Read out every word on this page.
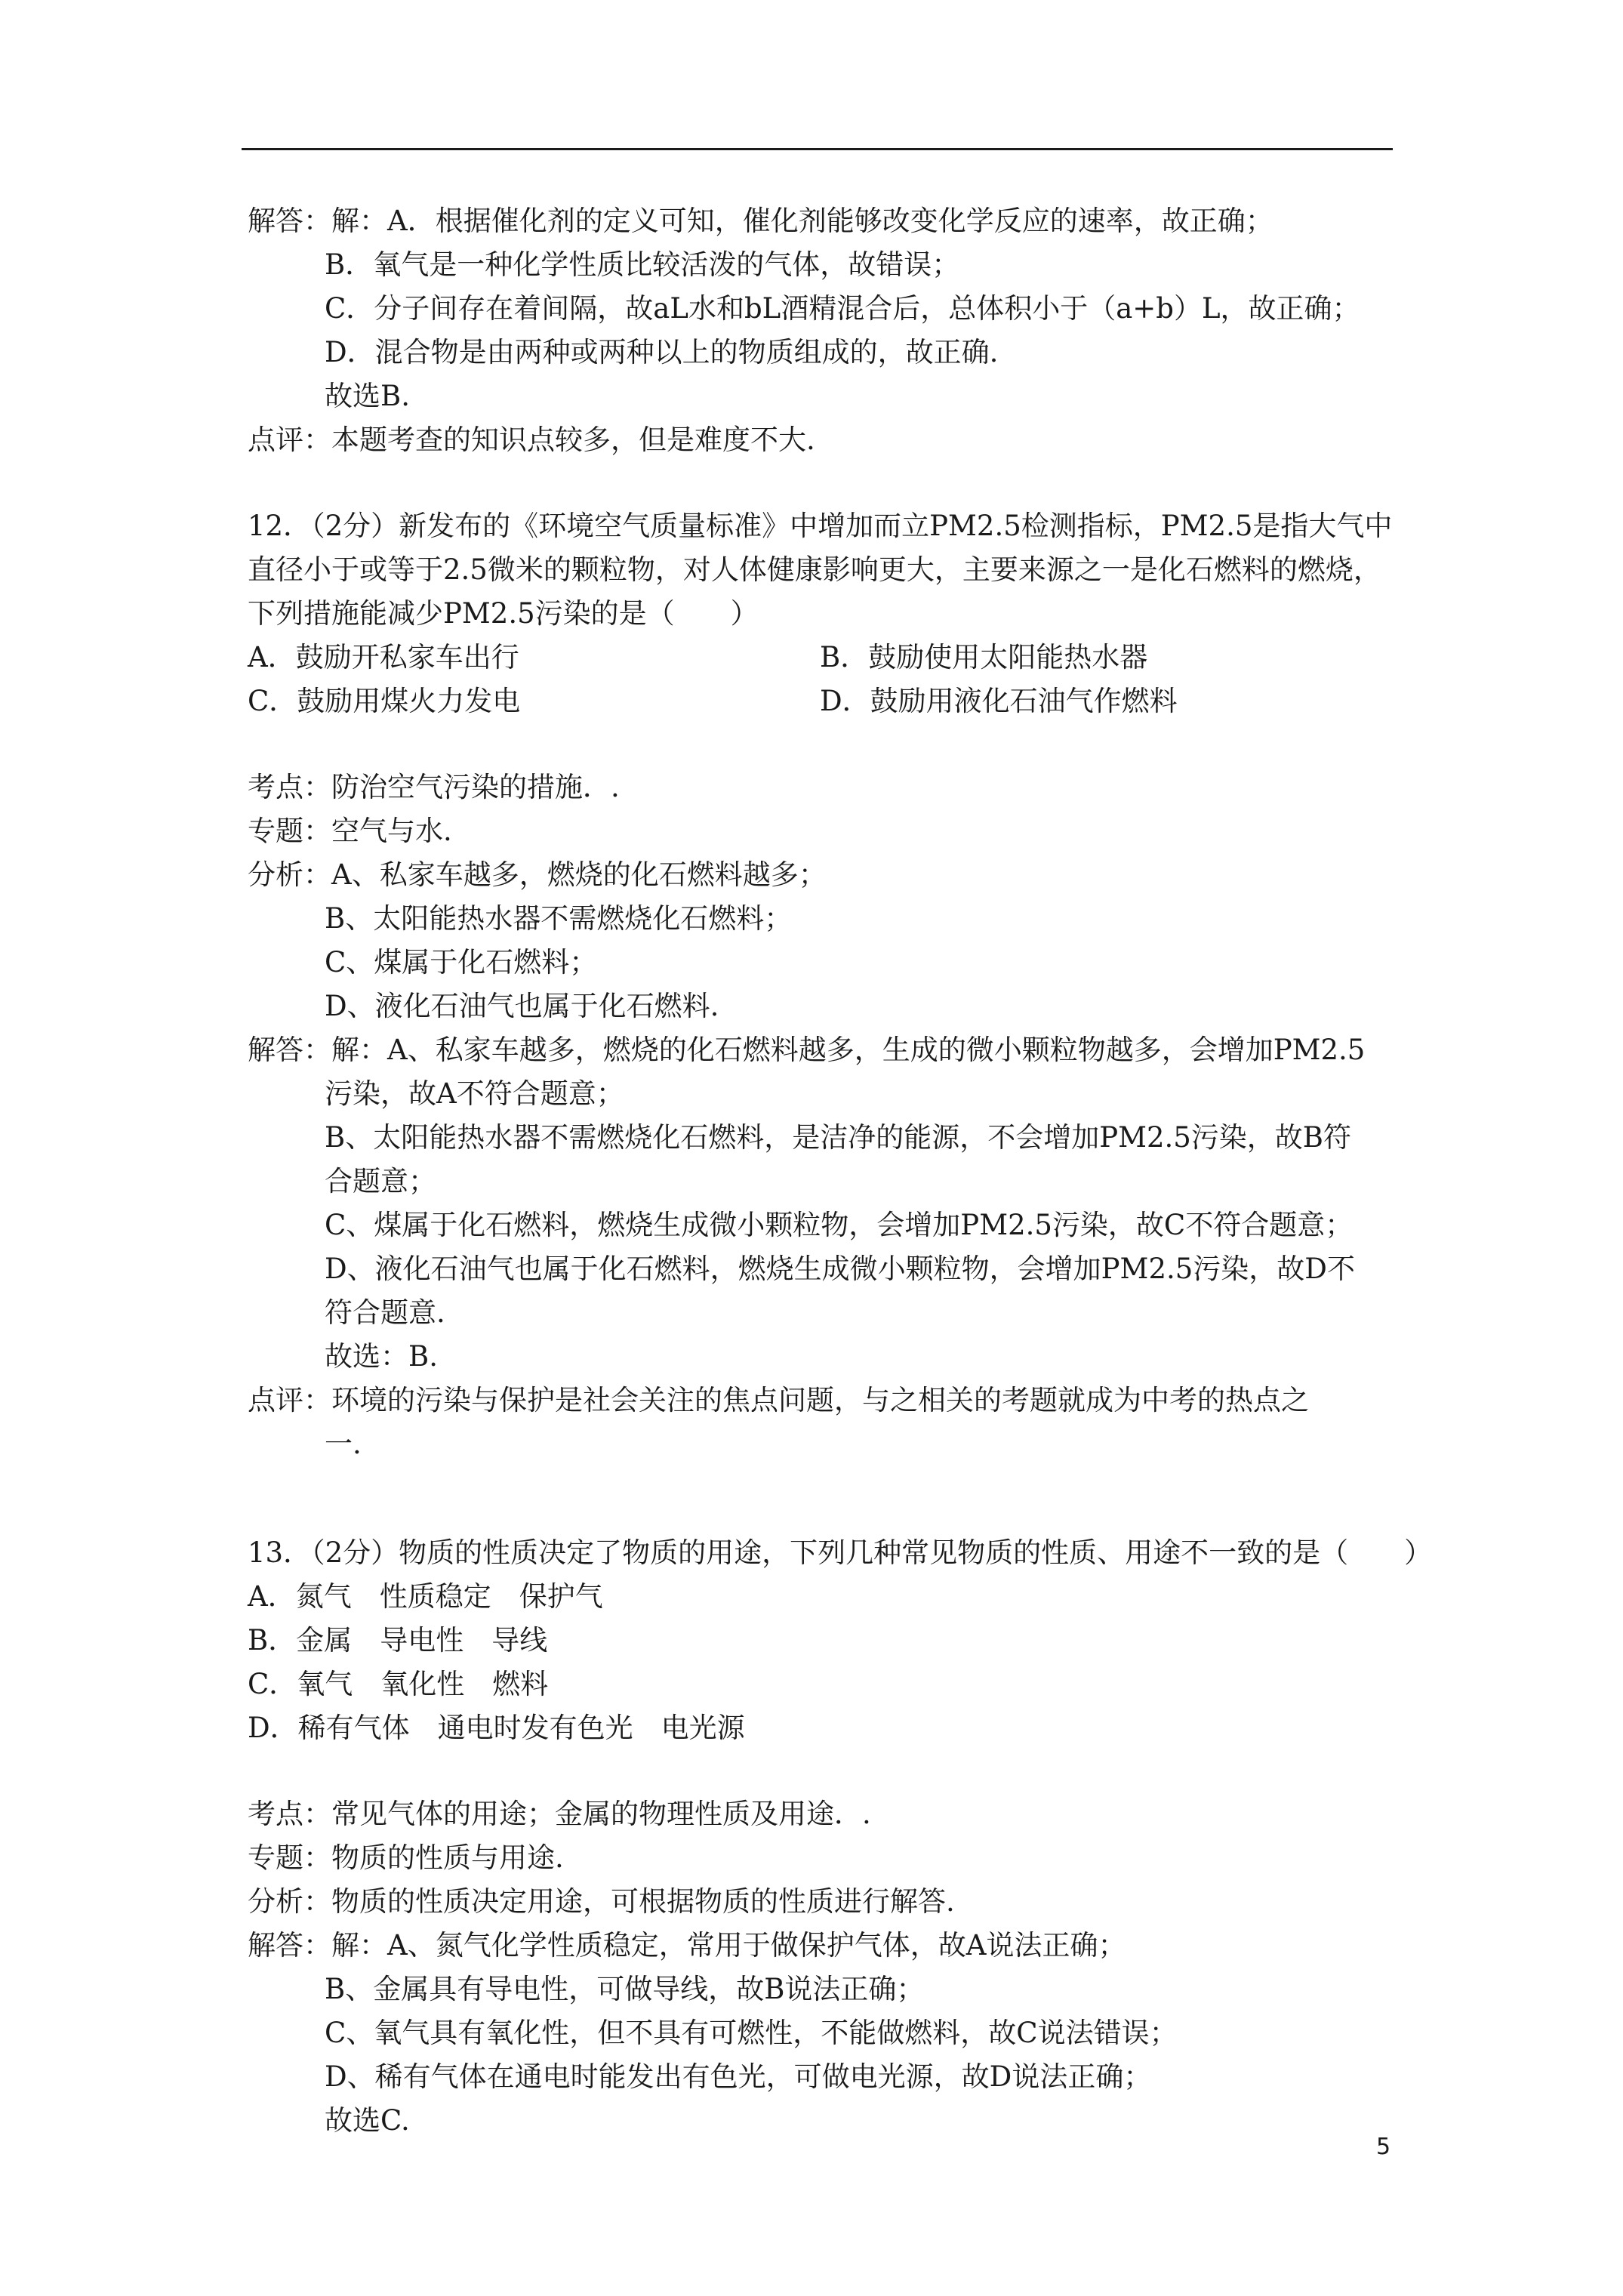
解答：解：A．根据催化剂的定义可知，催化剂能够改变化学反应的速率，故正确；
B．氧气是一种化学性质比较活泼的气体，故错误；
C．分子间存在着间隔，故aL水和bL酒精混合后，总体积小于（a+b）L，故正确；
D．混合物是由两种或两种以上的物质组成的，故正确.
故选B.
点评：本题考查的知识点较多，但是难度不大.
12．（2分）新发布的《环境空气质量标准》中增加而立PM2.5检测指标，PM2.5是指大气中
直径小于或等于2.5微米的颗粒物，对人体健康影响更大，主要来源之一是化石燃料的燃烧，
下列措施能减少PM2.5污染的是（　　）
A．鼓励开私家车出行	B．鼓励使用太阳能热水器
C．鼓励用煤火力发电	D．鼓励用液化石油气作燃料
考点：防治空气污染的措施．.
专题：空气与水.
分析：A、私家车越多，燃烧的化石燃料越多；
B、太阳能热水器不需燃烧化石燃料；
C、煤属于化石燃料；
D、液化石油气也属于化石燃料.
解答：解：A、私家车越多，燃烧的化石燃料越多，生成的微小颗粒物越多，会增加PM2.5
污染，故A不符合题意；
B、太阳能热水器不需燃烧化石燃料，是洁净的能源，不会增加PM2.5污染，故B符
合题意；
C、煤属于化石燃料，燃烧生成微小颗粒物，会增加PM2.5污染，故C不符合题意；
D、液化石油气也属于化石燃料，燃烧生成微小颗粒物，会增加PM2.5污染，故D不
符合题意.
故选：B.
点评：环境的污染与保护是社会关注的焦点问题，与之相关的考题就成为中考的热点之
一.
13．（2分）物质的性质决定了物质的用途，下列几种常见物质的性质、用途不一致的是（　　）
A．氮气　性质稳定　保护气
B．金属　导电性　导线
C．氧气　氧化性　燃料
D．稀有气体　通电时发有色光　电光源
考点：常见气体的用途；金属的物理性质及用途．.
专题：物质的性质与用途.
分析：物质的性质决定用途，可根据物质的性质进行解答.
解答：解：A、氮气化学性质稳定，常用于做保护气体，故A说法正确；
B、金属具有导电性，可做导线，故B说法正确；
C、氧气具有氧化性，但不具有可燃性，不能做燃料，故C说法错误；
D、稀有气体在通电时能发出有色光，可做电光源，故D说法正确；
故选C.
5
